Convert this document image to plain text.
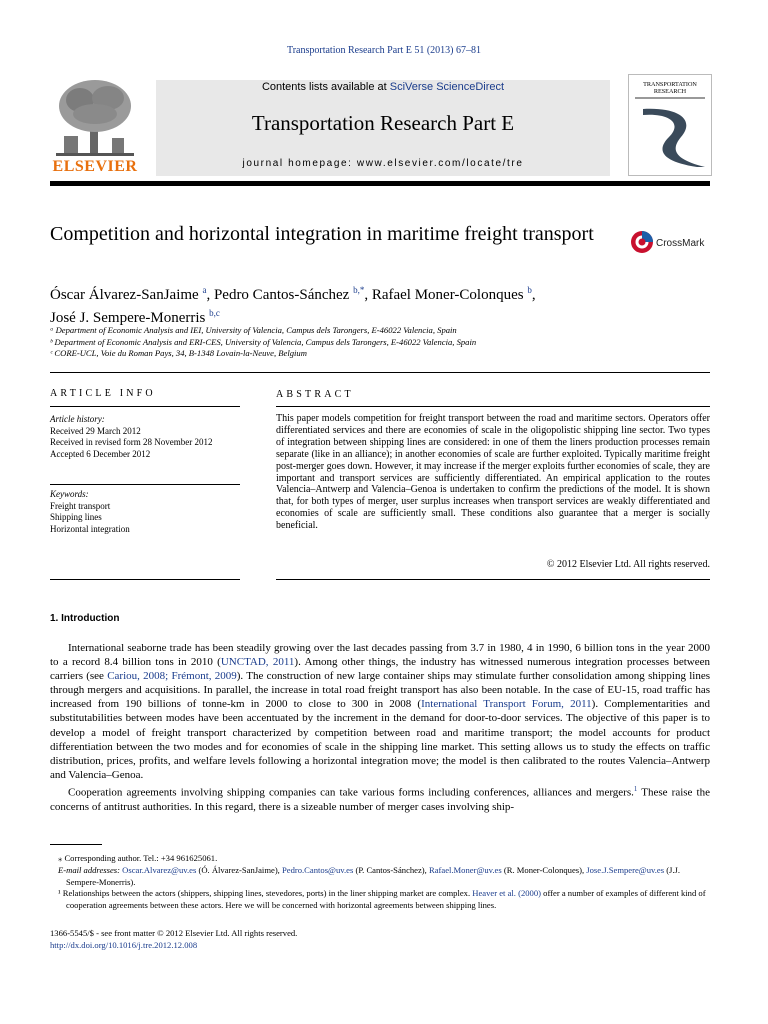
Transportation Research Part E 51 (2013) 67–81
ELSEVIER
Contents lists available at SciVerse ScienceDirect
Transportation Research Part E
journal homepage: www.elsevier.com/locate/tre
TRANSPORTATION
RESEARCH
Competition and horizontal integration in maritime freight transport	CrossMark
Óscar Álvarez-SanJaime $^a$, Pedro Cantos-Sánchez $^{b,*}$, Rafael Moner-Colonques $^b$,
José J. Sempere-Monerris $^{b,c}$
ᵃ Department of Economic Analysis and IEI, University of Valencia, Campus dels Tarongers, E-46022 Valencia, Spain
ᵇ Department of Economic Analysis and ERI-CES, University of Valencia, Campus dels Tarongers, E-46022 Valencia, Spain
ᶜ CORE-UCL, Voie du Roman Pays, 34, B-1348 Lovain-la-Neuve, Belgium
ARTICLE INFO
Article history:
Received 29 March 2012
Received in revised form 28 November 2012
Accepted 6 December 2012
Keywords:
Freight transport
Shipping lines
Horizontal integration
ABSTRACT
This paper models competition for freight transport between the road and maritime sectors. Operators offer differentiated services and there are economies of scale in the oligopolistic shipping line sector. Two types of integration between shipping lines are considered: in one of them the liners production processes remain separate (like in an alliance); in another economies of scale are further exploited. Typically maritime freight post-merger goes down. However, it may increase if the merger exploits further economies of scale, they are important and transport services are sufficiently differentiated. An empirical application to the routes Valencia–Antwerp and Valencia–Genoa is undertaken to confirm the predictions of the model. It is shown that, for both types of merger, user surplus increases when transport services are weakly differentiated and economies of scale are sufficiently small. These conditions also guarantee that a merger is socially beneficial.
© 2012 Elsevier Ltd. All rights reserved.
1. Introduction

International seaborne trade has been steadily growing over the last decades passing from 3.7 in 1980, 4 in 1990, 6 billion tons in the year 2000 to a record 8.4 billion tons in 2010 (UNCTAD, 2011). Among other things, the industry has witnessed numerous integration processes between carriers (see Cariou, 2008; Frémont, 2009). The construction of new large container ships may stimulate further consolidation among shipping lines through mergers and acquisitions. In parallel, the increase in total road freight transport has also been notable. In the case of EU-15, road traffic has increased from 190 billions of tonne-km in 2000 to close to 300 in 2008 (International Transport Forum, 2011). Complementarities and substitutabilities between modes have been accentuated by the increment in the demand for door-to-door services. The objective of this paper is to develop a model of freight transport characterized by competition between road and maritime transport; the model accounts for product differentiation between the two modes and for economies of scale in the shipping line market. This setting allows us to study the effects on traffic distribution, prices, profits, and welfare levels following a horizontal integration move; the model is then calibrated to the routes Valencia–Antwerp and Valencia–Genoa.

Cooperation agreements involving shipping companies can take various forms including conferences, alliances and mergers.$^1$ These raise the concerns of antitrust authorities. In this regard, there is a sizeable number of merger cases involving ship-

⁎ Corresponding author. Tel.: +34 961625061.

E-mail addresses: Oscar.Alvarez@uv.es (Ó. Álvarez-SanJaime), Pedro.Cantos@uv.es (P. Cantos-Sánchez), Rafael.Moner@uv.es (R. Moner-Colonques), Jose.J.Sempere@uv.es (J.J. Sempere-Monerris).

¹ Relationships between the actors (shippers, shipping lines, stevedores, ports) in the liner shipping market are complex. Heaver et al. (2000) offer a number of examples of different kind of cooperation agreements between these actors. Here we will be concerned with horizontal agreements between shipping lines.

1366-5545/$ - see front matter © 2012 Elsevier Ltd. All rights reserved.
http://dx.doi.org/10.1016/j.tre.2012.12.008
